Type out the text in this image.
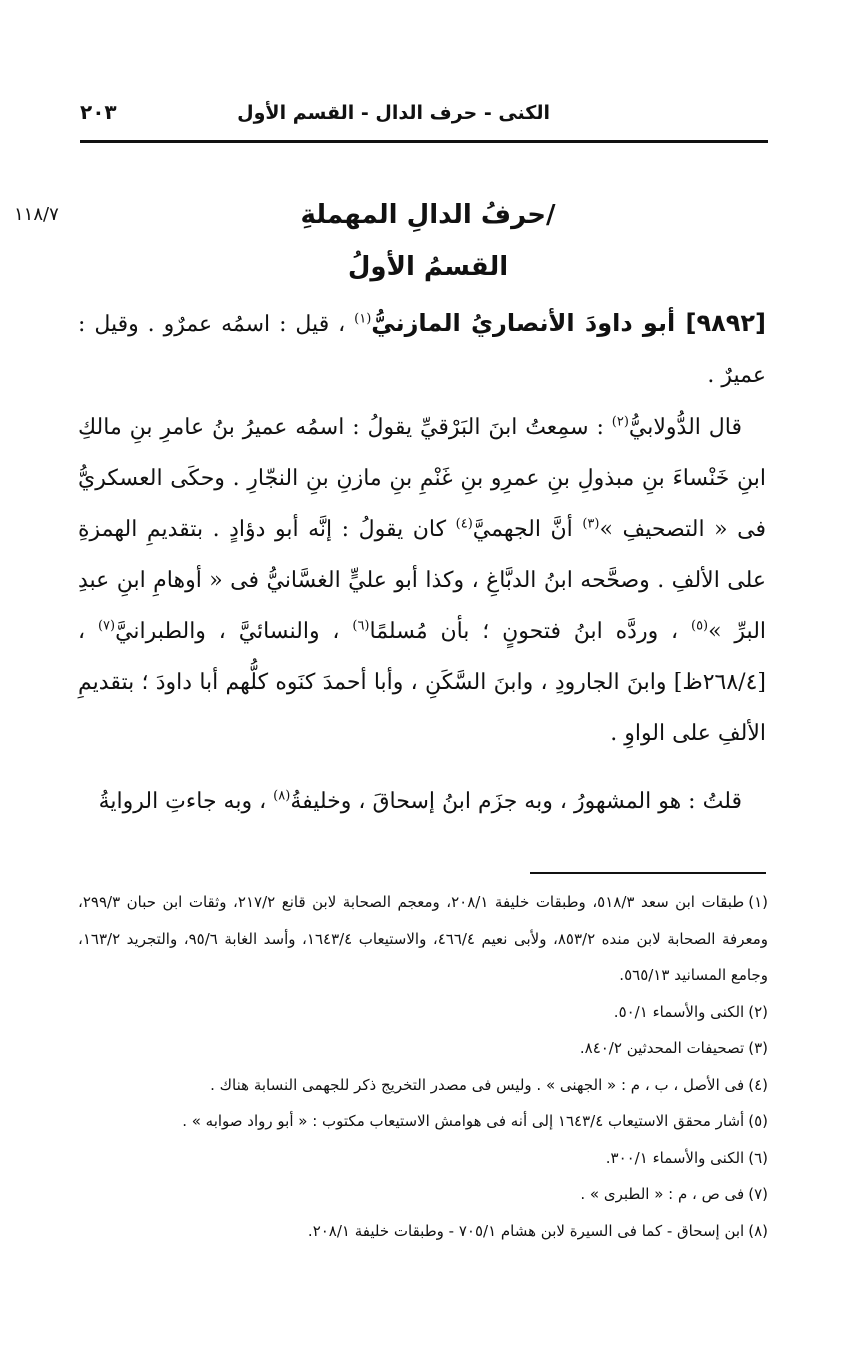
الكنى - حرف الدال - القسم الأول
٢٠٣
١١٨/٧	/حرفُ الدالِ المهملةِ
القسمُ الأولُ
[٩٨٩٢] أبو داودَ الأنصاريُ المازنيُّ$^{(١)}$ ، قيل : اسمُه عمرٌو . وقيل : عميرٌ .
قال الدُّولابيُّ$^{(٢)}$ : سمِعتُ ابنَ البَرْقيِّ يقولُ : اسمُه عميرُ بنُ عامرِ بنِ مالكِ ابنِ خَنْساءَ بنِ مبذولِ بنِ عمرِو بنِ غَنْمِ بنِ مازنِ بنِ النجّارِ . وحكَى العسكريُّ فى « التصحيفِ »$^{(٣)}$ أنَّ الجهميَّ$^{(٤)}$ كان يقولُ : إنَّه أبو دؤادٍ . بتقديمِ الهمزةِ على الألفِ . وصحَّحه ابنُ الدبَّاغِ ، وكذا أبو عليٍّ الغسَّانيُّ فى « أوهامِ ابنِ عبدِ البرِّ »$^{(٥)}$ ، وردَّه ابنُ فتحونٍ ؛ بأن مُسلمًا$^{(٦)}$ ، والنسائيَّ ، والطبرانيَّ$^{(٧)}$ ، [٢٦٨/٤ظ] وابنَ الجارودِ ، وابنَ السَّكَنِ ، وأبا أحمدَ كنَوه كلُّهم أبا داودَ ؛ بتقديمِ الألفِ على الواوِ .
قلتُ : هو المشهورُ ، وبه جزَم ابنُ إسحاقَ ، وخليفةُ$^{(٨)}$ ، وبه جاءتِ الروايةُ
(١)طبقات ابن سعد ٥١٨/٣، وطبقات خليفة ٢٠٨/١، ومعجم الصحابة لابن قانع ٢١٧/٢، وثقات ابن حبان ٢٩٩/٣، ومعرفة الصحابة لابن منده ٨٥٣/٢، ولأبى نعيم ٤٦٦/٤، والاستيعاب ١٦٤٣/٤، وأسد الغابة ٩٥/٦، والتجريد ١٦٣/٢، وجامع المسانيد ٥٦٥/١٣.
(٢)الكنى والأسماء ٥٠/١.
(٣)تصحيفات المحدثين ٨٤٠/٢.
(٤)فى الأصل ، ب ، م : « الجهنى » . وليس فى مصدر التخريج ذكر للجهمى النسابة هناك .
(٥)أشار محقق الاستيعاب ١٦٤٣/٤ إلى أنه فى هوامش الاستيعاب مكتوب : « أبو رواد صوابه » .
(٦)الكنى والأسماء ٣٠٠/١.
(٧)فى ص ، م : « الطبرى » .
(٨)ابن إسحاق - كما فى السيرة لابن هشام ٧٠٥/١ - وطبقات خليفة ٢٠٨/١.
